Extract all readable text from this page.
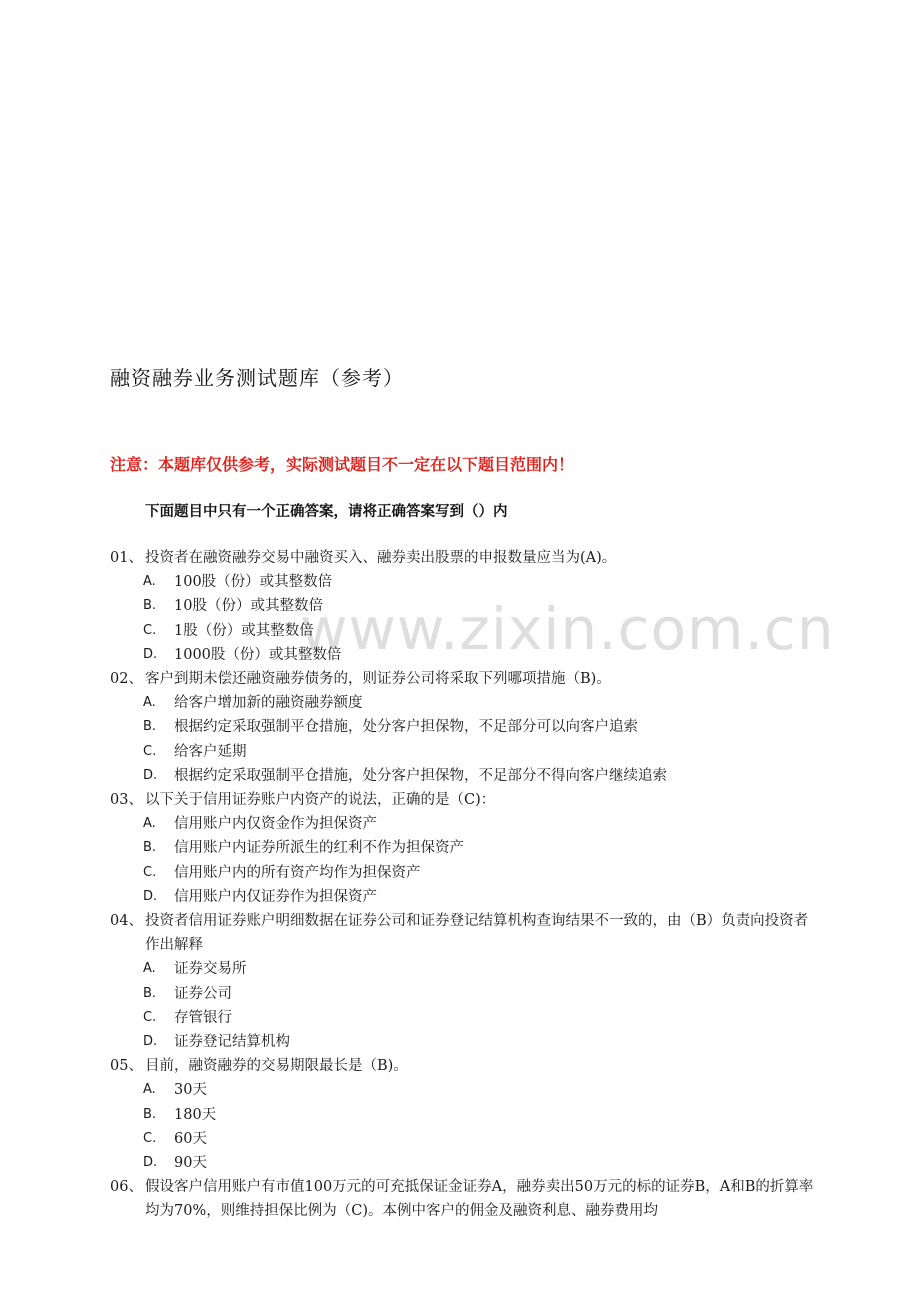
www.zixin.com.cn
融资融券业务测试题库（参考）
注意：本题库仅供参考，实际测试题目不一定在以下题目范围内！
下面题目中只有一个正确答案，请将正确答案写到（）内
01、 投资者在融资融券交易中融资买入、融券卖出股票的申报数量应当为(A)。
A.	100股（份）或其整数倍
B.	10股（份）或其整数倍
C.	1股（份）或其整数倍
D.	1000股（份）或其整数倍
02、 客户到期未偿还融资融券债务的，则证券公司将采取下列哪项措施（B)。
A.	给客户增加新的融资融券额度
B.	根据约定采取强制平仓措施，处分客户担保物，不足部分可以向客户追索
C.	给客户延期
D.	根据约定采取强制平仓措施，处分客户担保物，不足部分不得向客户继续追索
03、 以下关于信用证券账户内资产的说法，正确的是（C)：
A.	信用账户内仅资金作为担保资产
B.	信用账户内证券所派生的红利不作为担保资产
C.	信用账户内的所有资产均作为担保资产
D.	信用账户内仅证券作为担保资产
04、 投资者信用证券账户明细数据在证券公司和证券登记结算机构查询结果不一致的，由（B）负责向投资者作出解释
A.	证券交易所
B.	证券公司
C.	存管银行
D.	证券登记结算机构
05、 目前，融资融券的交易期限最长是（B)。
A.	30天
B.	180天
C.	60天
D.	90天
06、 假设客户信用账户有市值100万元的可充抵保证金证券A，融券卖出50万元的标的证券B，A和B的折算率均为70%，则维持担保比例为（C)。本例中客户的佣金及融资利息、融券费用均
